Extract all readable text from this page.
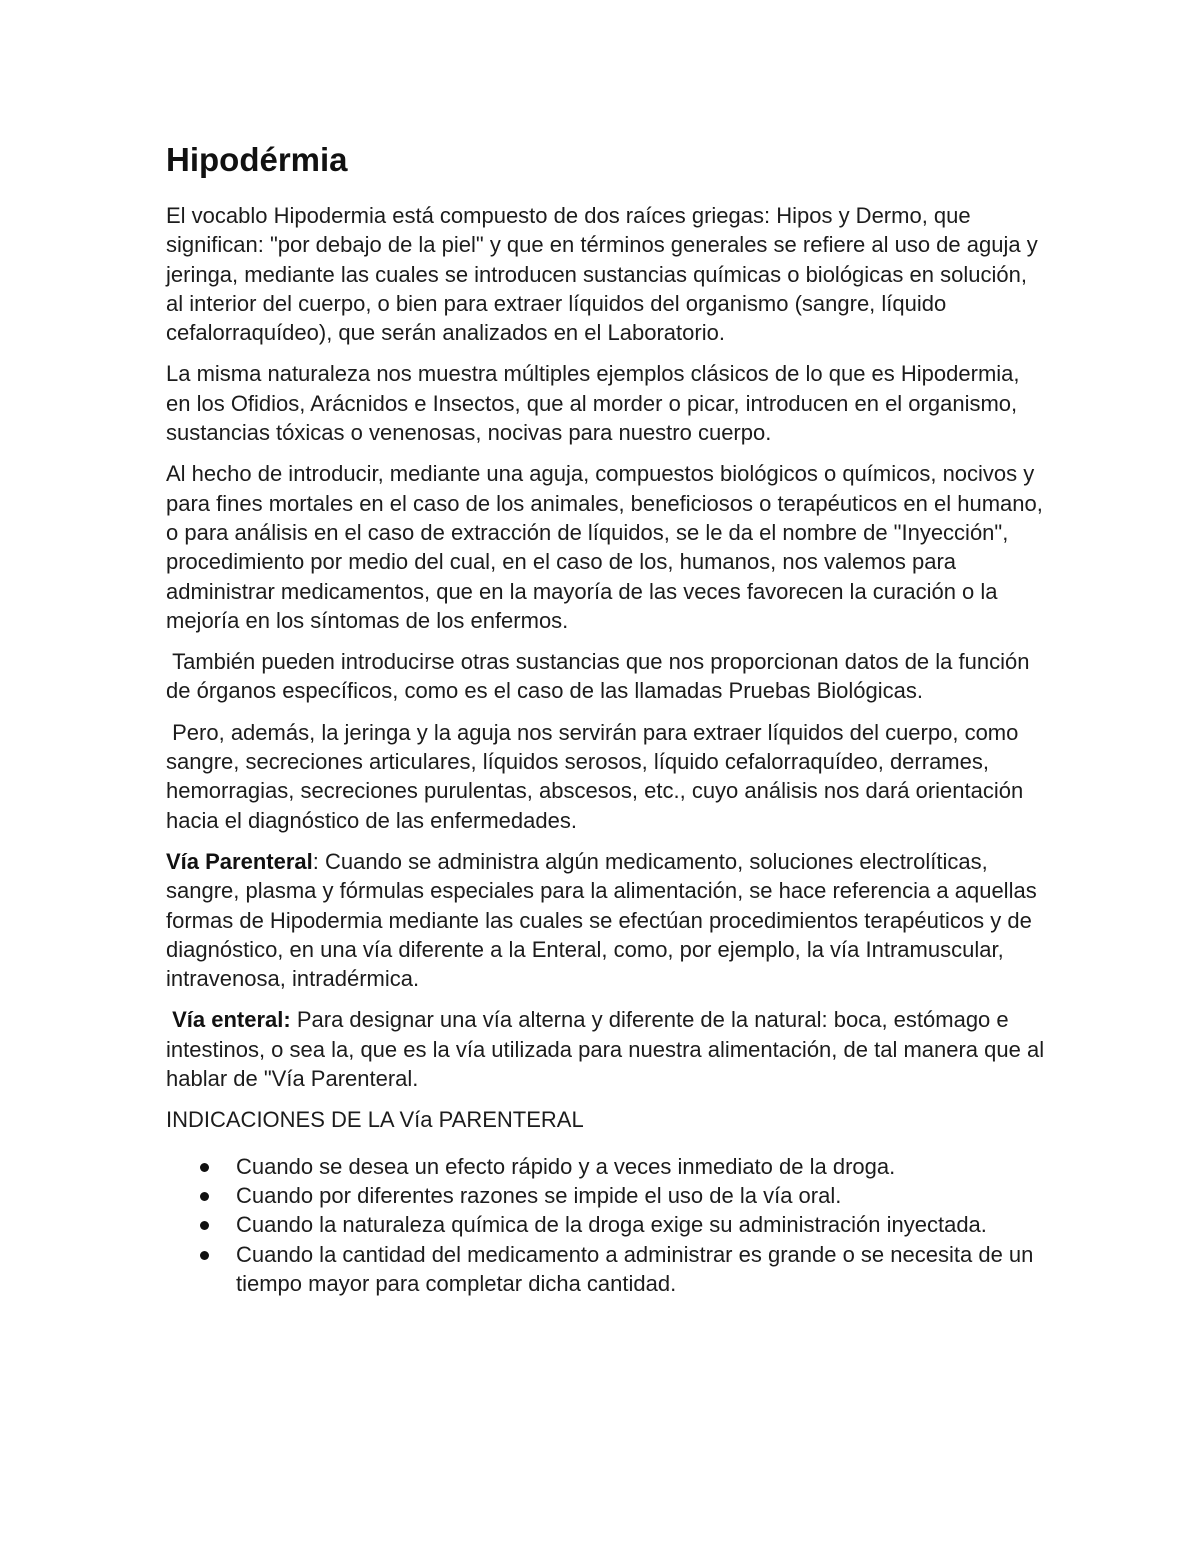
Hipodérmia

El vocablo Hipodermia está compuesto de dos raíces griegas: Hipos y Dermo, que significan: "por debajo de la piel" y que en términos generales se refiere al uso de aguja y jeringa, mediante las cuales se introducen sustancias químicas o biológicas en solución, al interior del cuerpo, o bien para extraer líquidos del organismo (sangre, líquido cefalorraquídeo), que serán analizados en el Laboratorio.

La misma naturaleza nos muestra múltiples ejemplos clásicos de lo que es Hipodermia, en los Ofidios, Arácnidos e Insectos, que al morder o picar, introducen en el organismo, sustancias tóxicas o venenosas, nocivas para nuestro cuerpo.

Al hecho de introducir, mediante una aguja, compuestos biológicos o químicos, nocivos y para fines mortales en el caso de los animales, beneficiosos o terapéuticos en el humano, o para análisis en el caso de extracción de líquidos, se le da el nombre de "Inyección", procedimiento por medio del cual, en el caso de los, humanos, nos valemos para administrar medicamentos, que en la mayoría de las veces favorecen la curación o la mejoría en los síntomas de los enfermos.

También pueden introducirse otras sustancias que nos proporcionan datos de la función de órganos específicos, como es el caso de las llamadas Pruebas Biológicas.

Pero, además, la jeringa y la aguja nos servirán para extraer líquidos del cuerpo, como sangre, secreciones articulares, líquidos serosos, líquido cefalorraquídeo, derrames, hemorragias, secreciones purulentas, abscesos, etc., cuyo análisis nos dará orientación hacia el diagnóstico de las enfermedades.

Vía Parenteral: Cuando se administra algún medicamento, soluciones electrolíticas, sangre, plasma y fórmulas especiales para la alimentación, se hace referencia a aquellas formas de Hipodermia mediante las cuales se efectúan procedimientos terapéuticos y de diagnóstico, en una vía diferente a la Enteral, como, por ejemplo, la vía Intramuscular, intravenosa, intradérmica.

Vía enteral: Para designar una vía alterna y diferente de la natural: boca, estómago e intestinos, o sea la, que es la vía utilizada para nuestra alimentación, de tal manera que al hablar de "Vía Parenteral.

INDICACIONES DE LA Vía PARENTERAL
Cuando se desea un efecto rápido y a veces inmediato de la droga.
Cuando por diferentes razones se impide el uso de la vía oral.
Cuando la naturaleza química de la droga exige su administración inyectada.
Cuando la cantidad del medicamento a administrar es grande o se necesita de un tiempo mayor para completar dicha cantidad.
